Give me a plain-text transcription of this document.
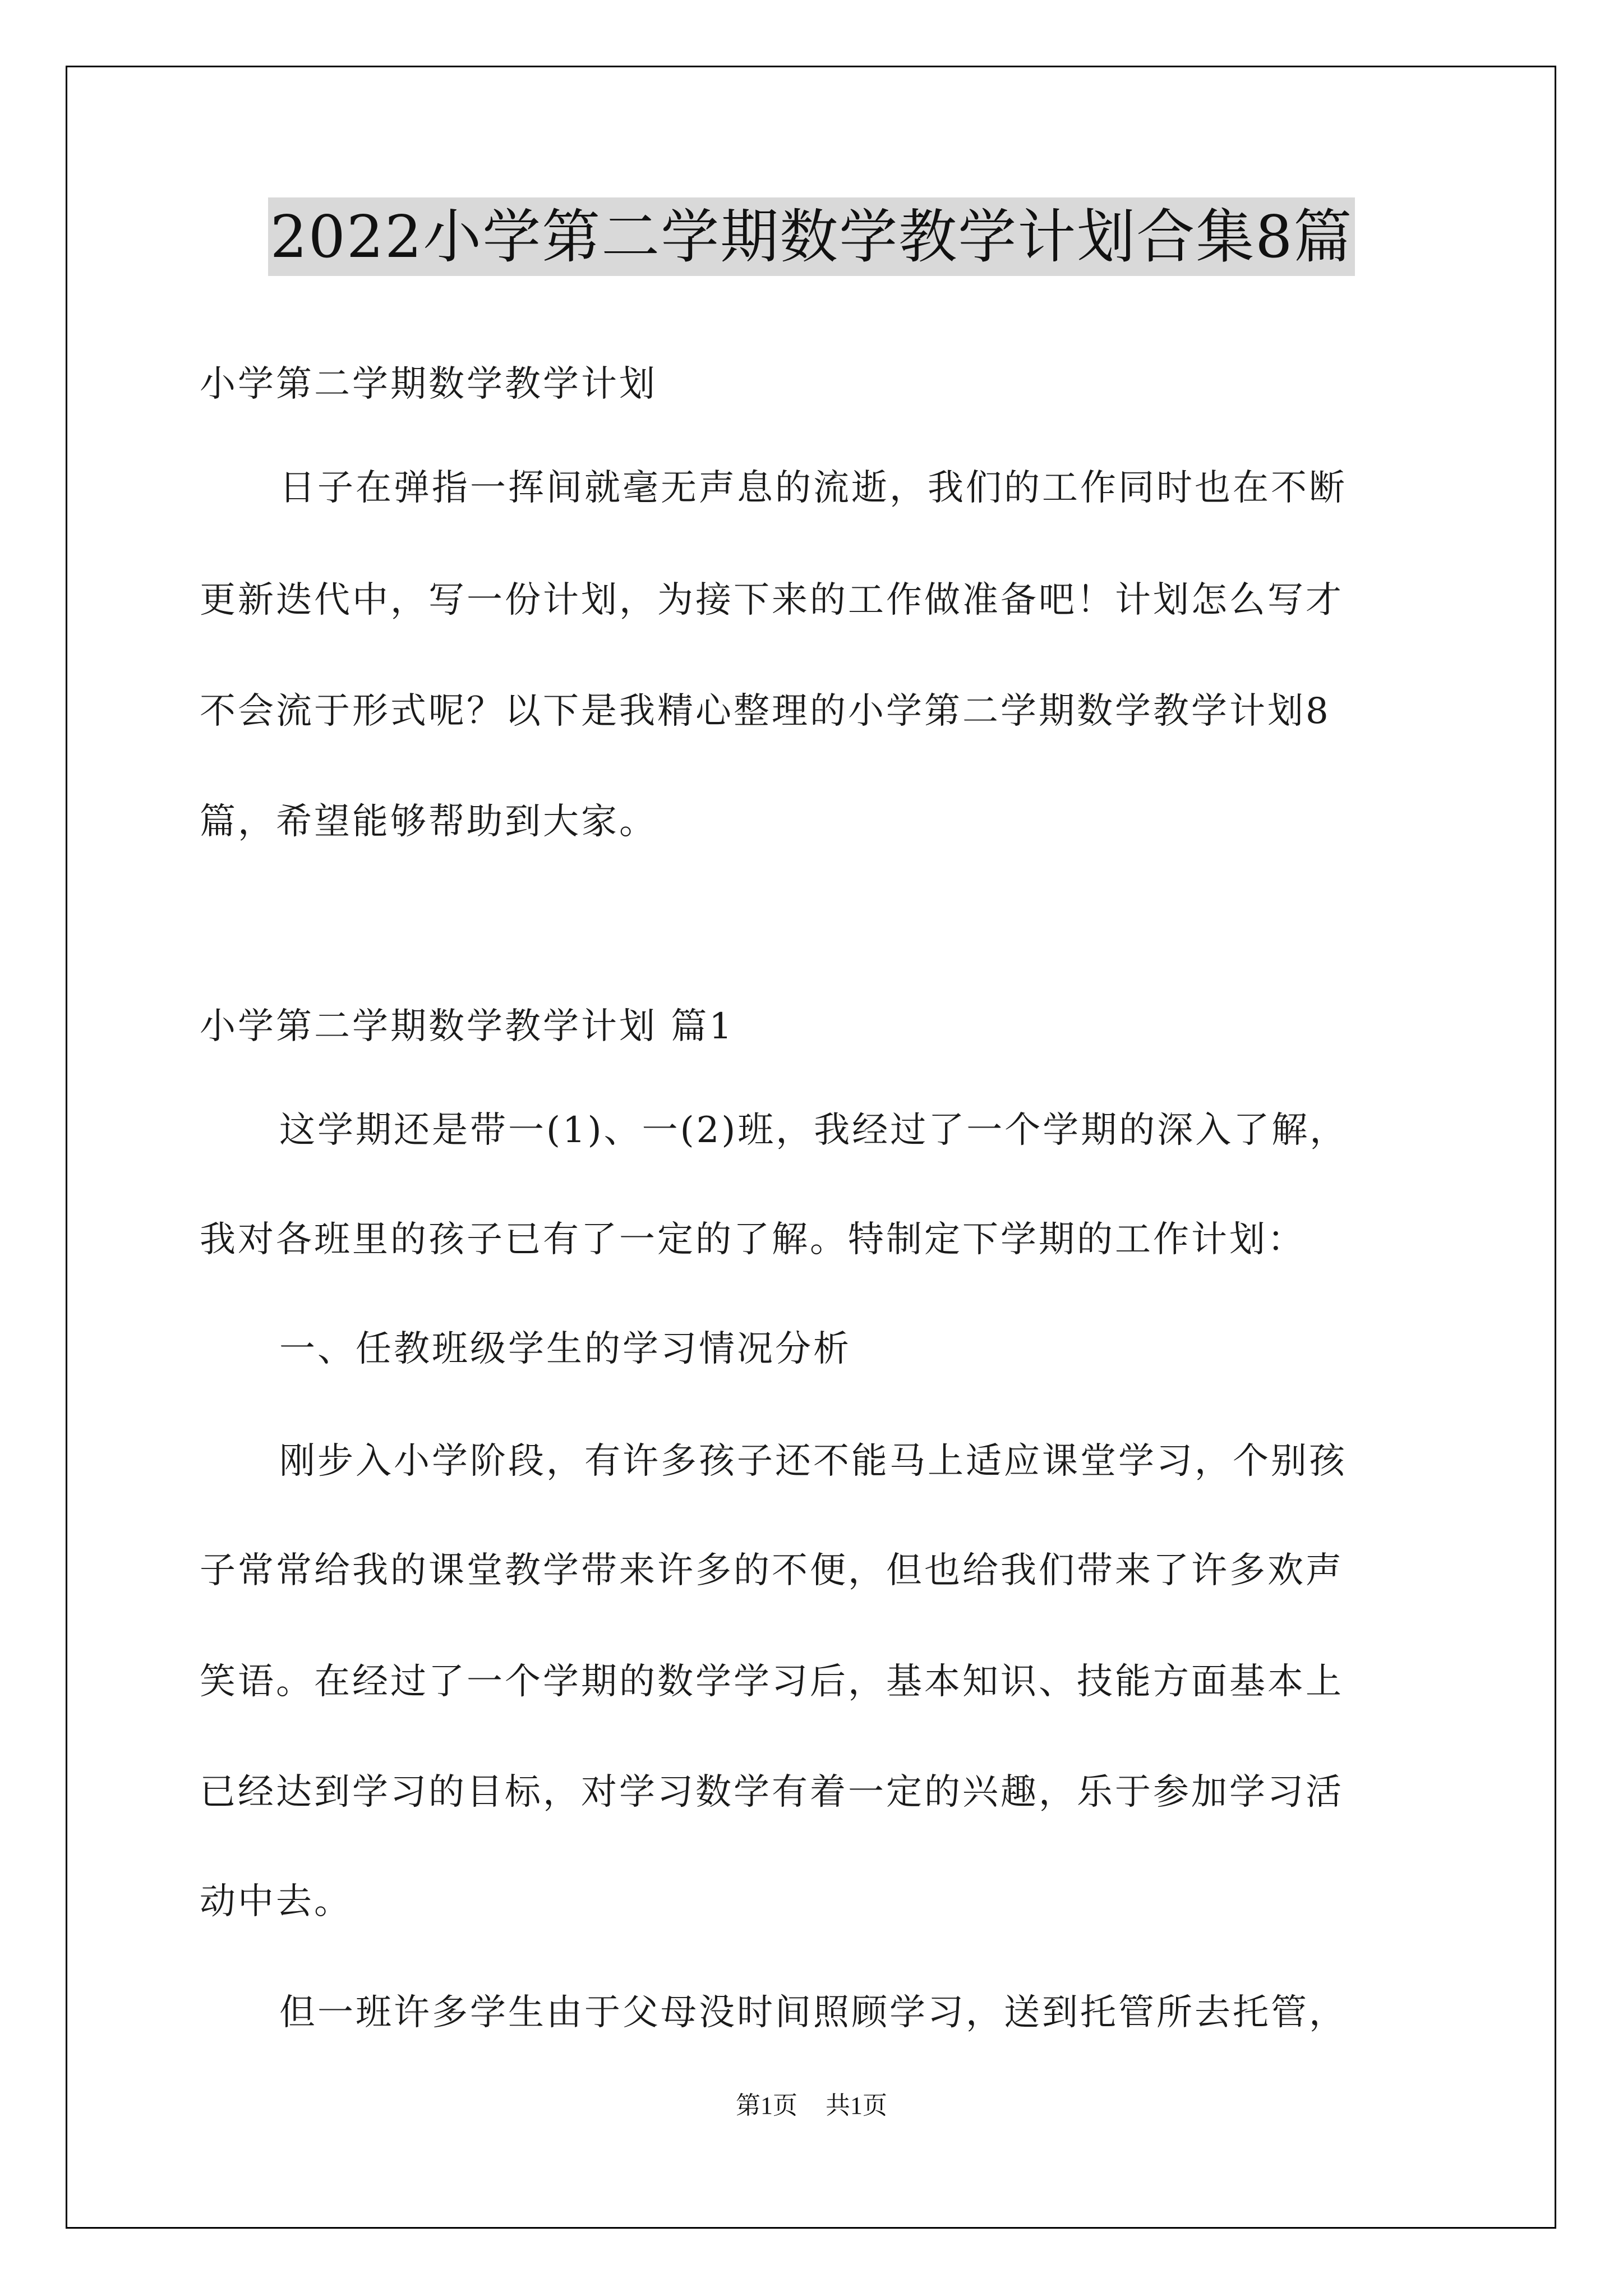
2022小学第二学期数学教学计划合集8篇
小学第二学期数学教学计划
日子在弹指一挥间就毫无声息的流逝，我们的工作同时也在不断
更新迭代中，写一份计划，为接下来的工作做准备吧！计划怎么写才
不会流于形式呢？以下是我精心整理的小学第二学期数学教学计划8
篇，希望能够帮助到大家。
小学第二学期数学教学计划 篇1
这学期还是带一(1)、一(2)班，我经过了一个学期的深入了解，
我对各班里的孩子已有了一定的了解。特制定下学期的工作计划：
一、任教班级学生的学习情况分析
刚步入小学阶段，有许多孩子还不能马上适应课堂学习，个别孩
子常常给我的课堂教学带来许多的不便，但也给我们带来了许多欢声
笑语。在经过了一个学期的数学学习后，基本知识、技能方面基本上
已经达到学习的目标，对学习数学有着一定的兴趣，乐于参加学习活
动中去。
但一班许多学生由于父母没时间照顾学习，送到托管所去托管，
第1页 共1页
